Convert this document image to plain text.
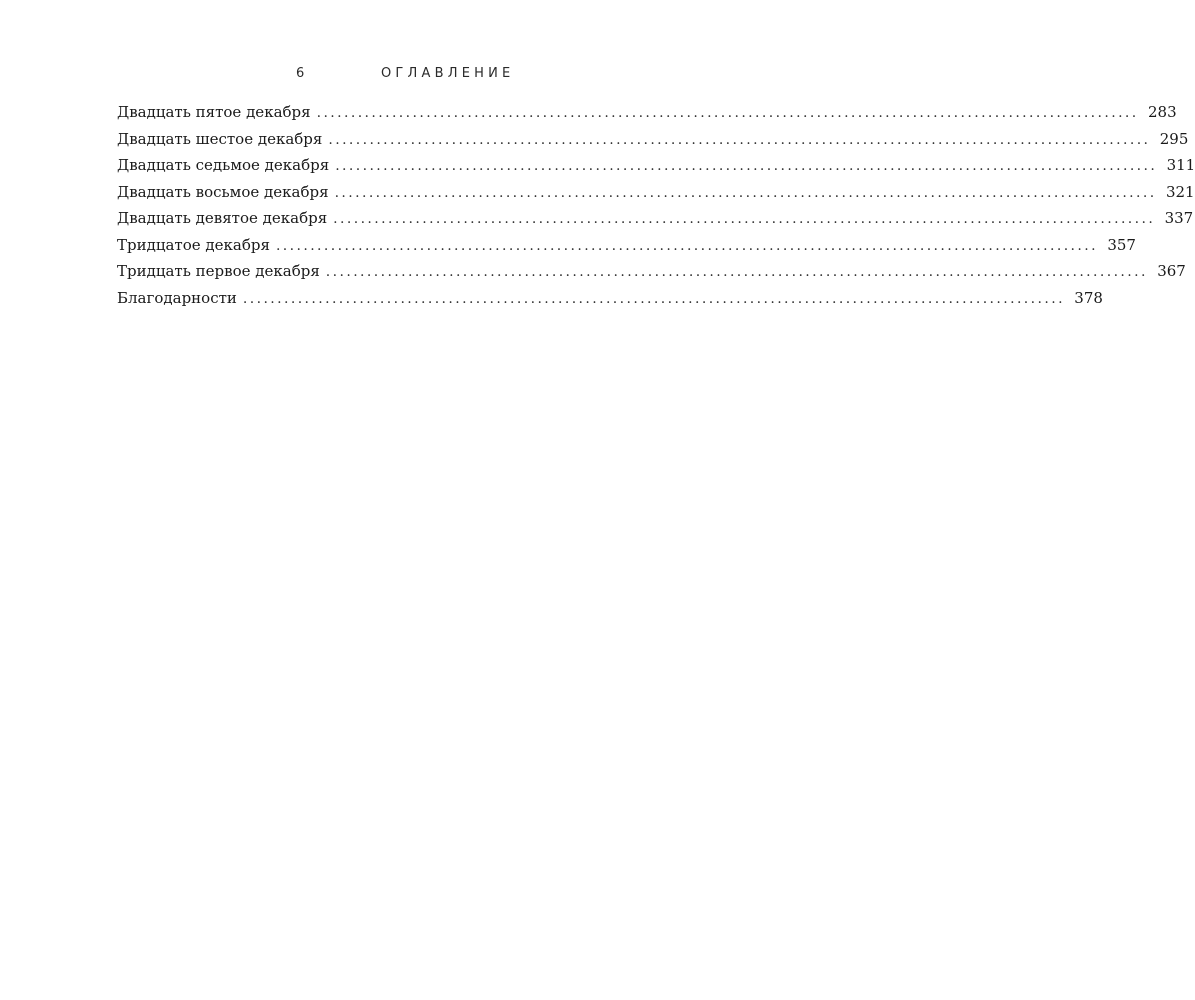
6	ОГЛАВЛЕНИЕ
Двадцать пятое декабря ........................................................................................................................ 283
Двадцать шестое декабря ........................................................................................................................ 295
Двадцать седьмое декабря ........................................................................................................................ 311
Двадцать восьмое декабря ........................................................................................................................ 321
Двадцать девятое декабря ........................................................................................................................ 337
Тридцатое декабря ........................................................................................................................ 357
Тридцать первое декабря ........................................................................................................................ 367
Благодарности ........................................................................................................................ 378
